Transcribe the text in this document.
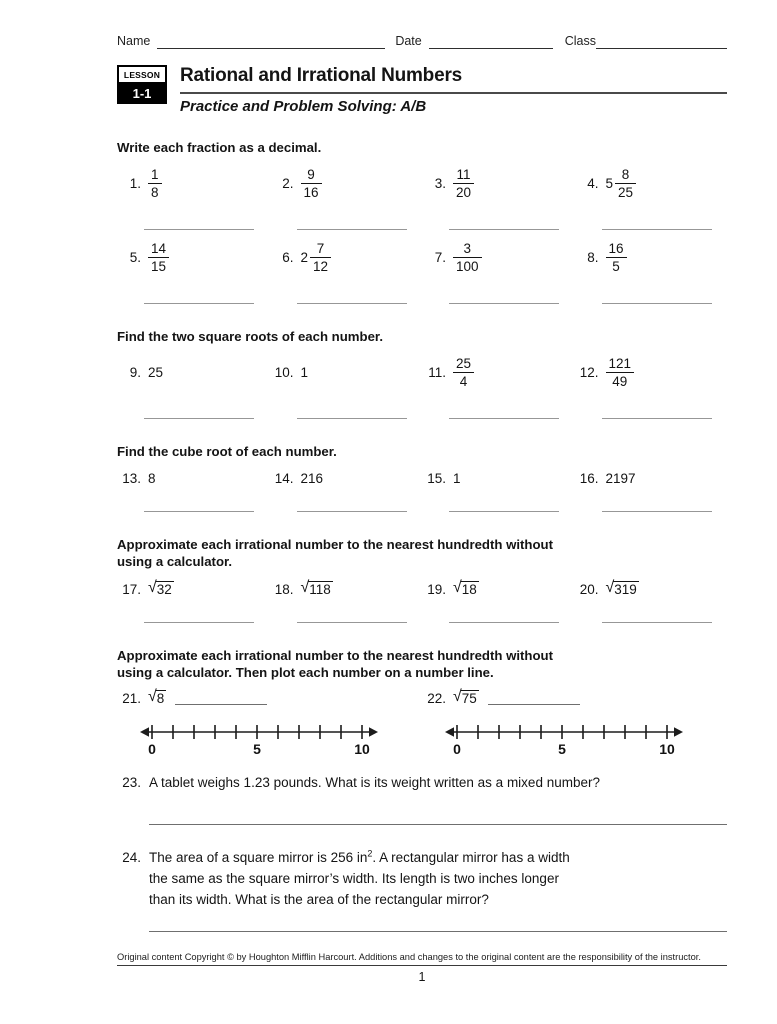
Name	Date	Class
LESSON
1-1
Rational and Irrational Numbers
Practice and Problem Solving: A/B
Write each fraction as a decimal.
1. $\frac{1}{8}$	2. $\frac{9}{16}$	3. $\frac{11}{20}$	4. $5 \frac{8}{25}$
5. $\frac{14}{15}$	6. $2 \frac{7}{12}$	7. $\frac{3}{100}$	8. $\frac{16}{5}$
Find the two square roots of each number.
9. 25	10. 1	11. $\frac{25}{4}$	12. $\frac{121}{49}$
Find the cube root of each number.
13. 8	14. 216	15. 1	16. 2197
Approximate each irrational number to the nearest hundredth without
using a calculator.
17. √ 32	18. √ 118	19. √ 18	20. √ 319
Approximate each irrational number to the nearest hundredth without
using a calculator. Then plot each number on a number line.
21. √ 8	22. √ 75
0	5	10	0	5	10
23. A tablet weighs 1.23 pounds. What is its weight written as a mixed number?
24. The area of a square mirror is 256 $in^2$. A rectangular mirror has a width
the same as the square mirror’s width. Its length is two inches longer
than its width. What is the area of the rectangular mirror?
Original content Copyright © by Houghton Mifflin Harcourt. Additions and changes to the original content are the responsibility of the instructor.
1
